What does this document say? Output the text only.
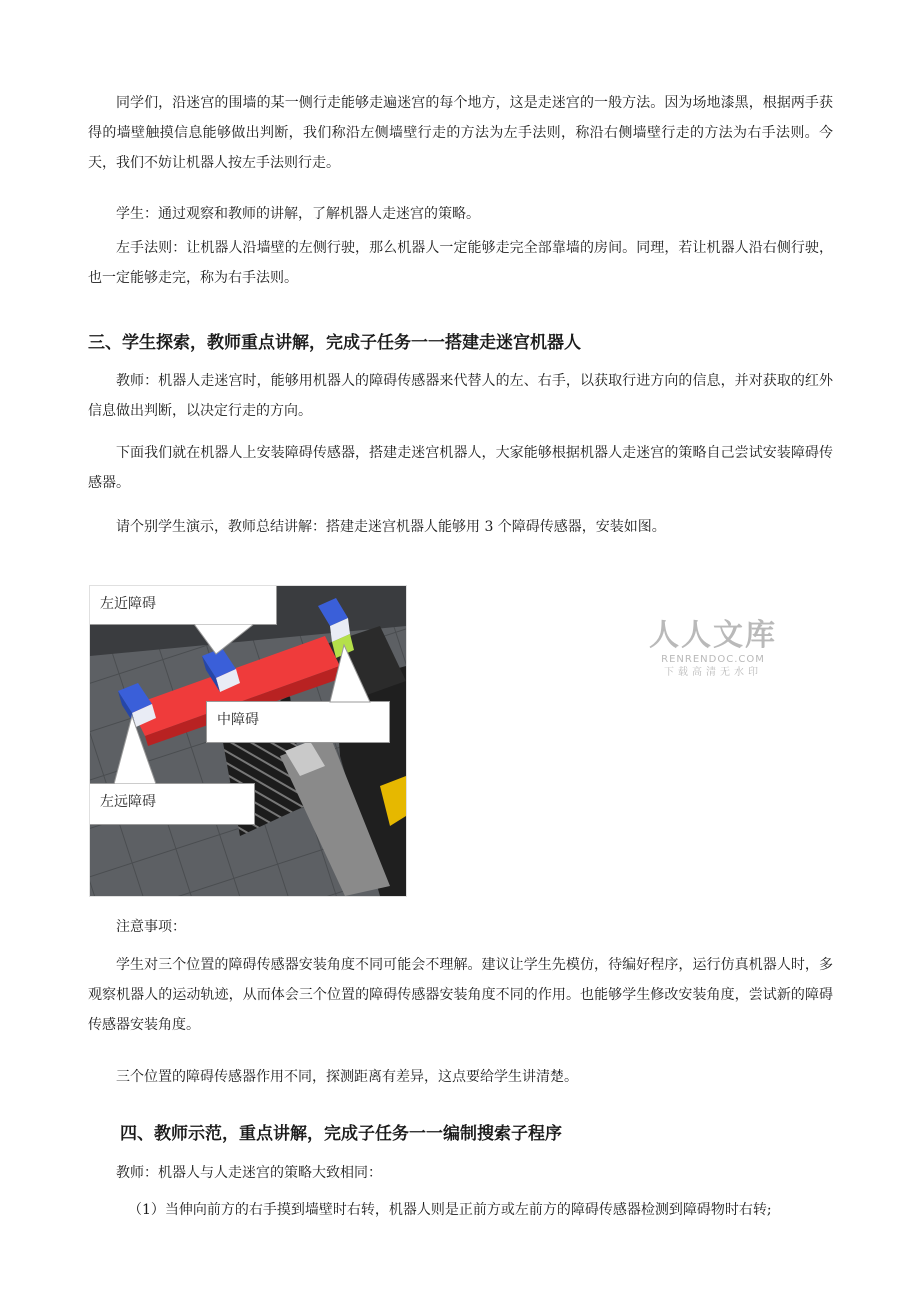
同学们，沿迷宫的围墙的某一侧行走能够走遍迷宫的每个地方，这是走迷宫的一般方法。因为场地漆黑，根据两手获得的墙壁触摸信息能够做出判断，我们称沿左侧墙壁行走的方法为左手法则，称沿右侧墙壁行走的方法为右手法则。今天，我们不妨让机器人按左手法则行走。

学生：通过观察和教师的讲解，了解机器人走迷宫的策略。

左手法则：让机器人沿墙壁的左侧行驶，那么机器人一定能够走完全部靠墙的房间。同理，若让机器人沿右侧行驶，也一定能够走完，称为右手法则。

三、学生探索，教师重点讲解，完成子任务一一搭建走迷宫机器人

教师：机器人走迷宫时，能够用机器人的障碍传感器来代替人的左、右手，以获取行进方向的信息，并对获取的红外信息做出判断，以决定行走的方向。

下面我们就在机器人上安装障碍传感器，搭建走迷宫机器人，大家能够根据机器人走迷宫的策略自己尝试安装障碍传感器。

请个别学生演示，教师总结讲解：搭建走迷宫机器人能够用 3 个障碍传感器，安装如图。

左近障碍
中障碍
左远障碍
人人文库
RENRENDOC.COM
下载高清无水印

注意事项：

学生对三个位置的障碍传感器安装角度不同可能会不理解。建议让学生先模仿，待编好程序，运行仿真机器人时，多观察机器人的运动轨迹，从而体会三个位置的障碍传感器安装角度不同的作用。也能够学生修改安装角度，尝试新的障碍传感器安装角度。

三个位置的障碍传感器作用不同，探测距离有差异，这点要给学生讲清楚。

四、教师示范，重点讲解，完成子任务一一编制搜索子程序

教师：机器人与人走迷宫的策略大致相同：

（1）当伸向前方的右手摸到墙壁时右转，机器人则是正前方或左前方的障碍传感器检测到障碍物时右转;
